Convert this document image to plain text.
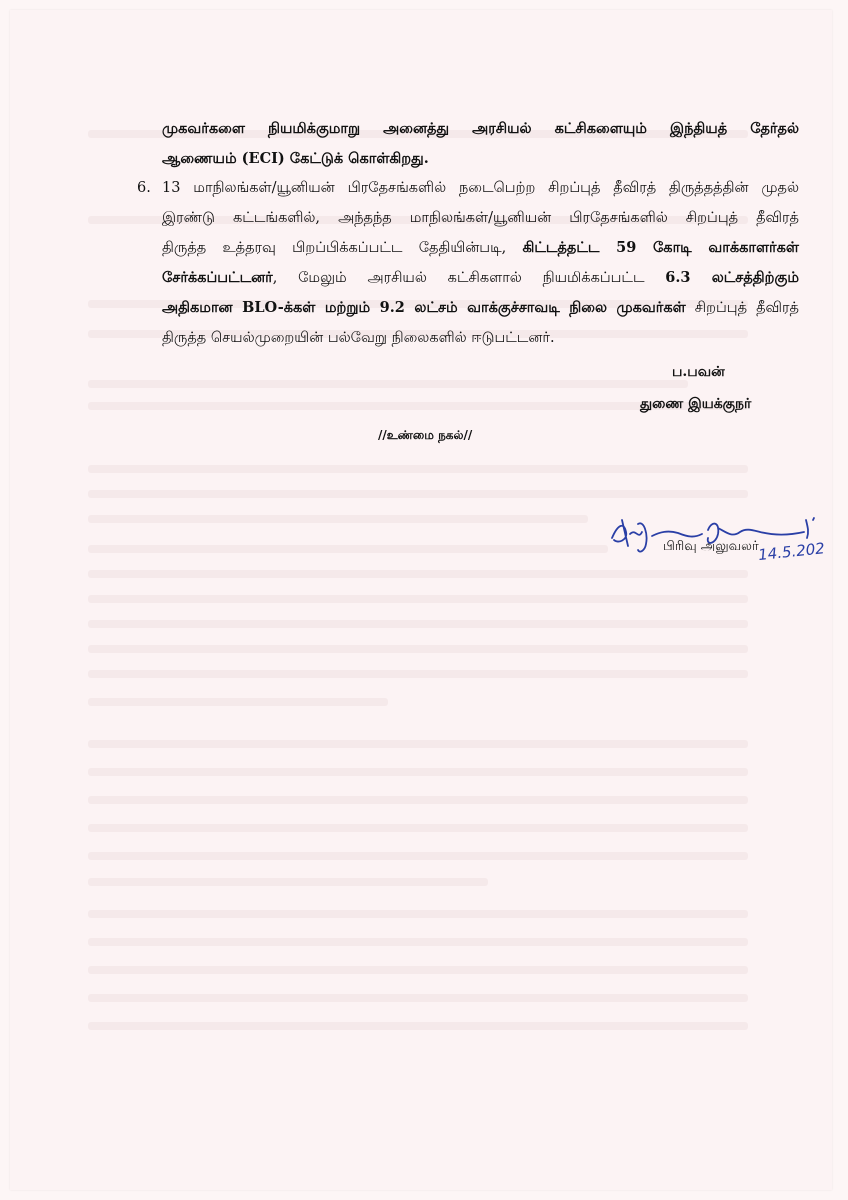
முகவர்களை நியமிக்குமாறு அனைத்து அரசியல் கட்சிகளையும் இந்தியத் தேர்தல்
ஆணையம் (ECI) கேட்டுக் கொள்கிறது.
6. 13 மாநிலங்கள்/யூனியன் பிரதேசங்களில் நடைபெற்ற சிறப்புத் தீவிரத் திருத்தத்தின் முதல்
இரண்டு கட்டங்களில், அந்தந்த மாநிலங்கள்/யூனியன் பிரதேசங்களில் சிறப்புத் தீவிரத்
திருத்த உத்தரவு பிறப்பிக்கப்பட்ட தேதியின்படி, கிட்டத்தட்ட 59 கோடி வாக்காளர்கள்
சேர்க்கப்பட்டனர், மேலும் அரசியல் கட்சிகளால் நியமிக்கப்பட்ட 6.3 லட்சத்திற்கும்
அதிகமான BLO-க்கள் மற்றும் 9.2 லட்சம் வாக்குச்சாவடி நிலை முகவர்கள் சிறப்புத் தீவிரத்
திருத்த செயல்முறையின் பல்வேறு நிலைகளில் ஈடுபட்டனர்.
ப.பவன்
துணை இயக்குநர்
//உண்மை நகல்//
14.5.202
பிரிவு அலுவலர்
